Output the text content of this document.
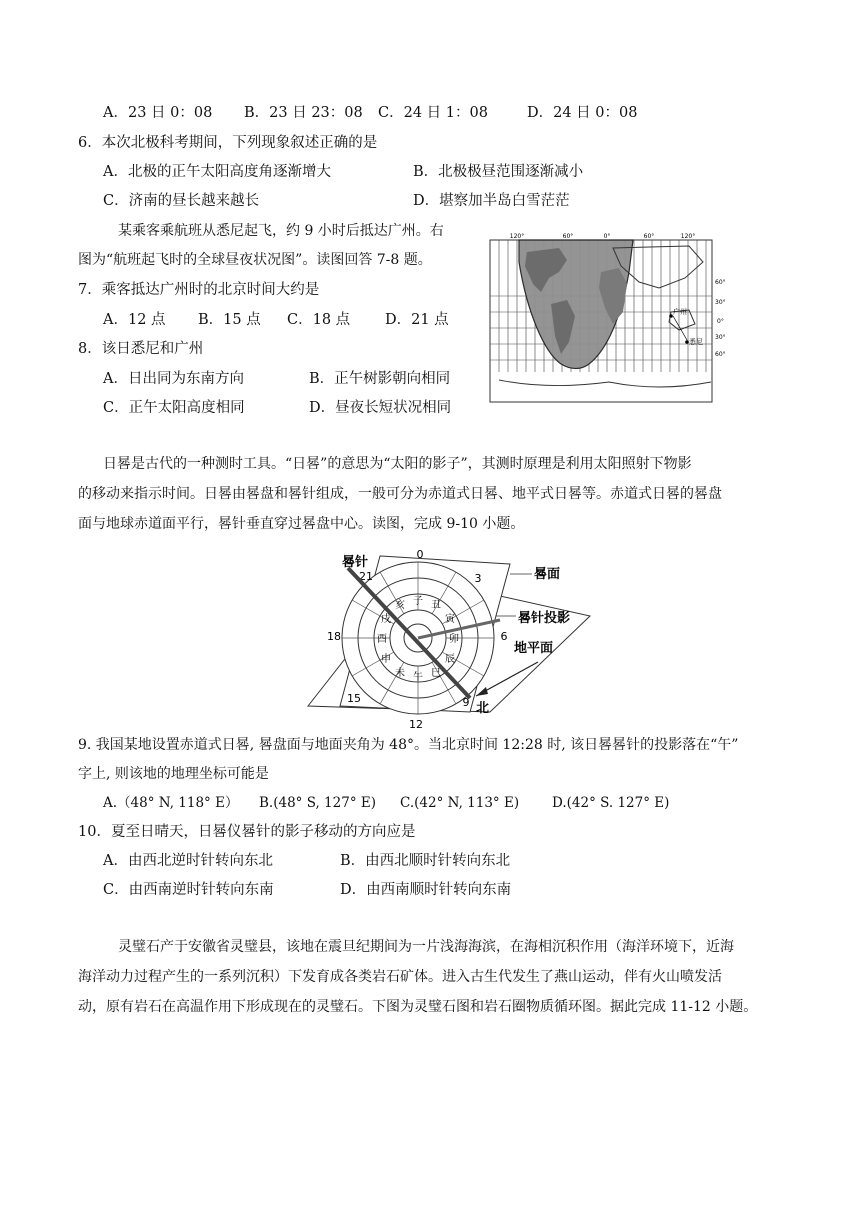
A．23 日 0：08 B．23 日 23：08 C．24 日 1：08	D．24 日 0：08
6．本次北极科考期间，下列现象叙述正确的是
A．北极的正午太阳高度角逐渐增大	B．北极极昼范围逐渐减小
C．济南的昼长越来越长	D．堪察加半岛白雪茫茫
某乘客乘航班从悉尼起飞，约 9 小时后抵达广州。右
图为“航班起飞时的全球昼夜状况图”。读图回答 7-8 题。
7．乘客抵达广州时的北京时间大约是
A．12 点 B．15 点 C．18 点 D．21 点
8．该日悉尼和广州
A．日出同为东南方向	B．正午树影朝向相同
C．正午太阳高度相同	D．昼夜长短状况相同
120°	60°	0°	60°	120°
60°
30°
0°
30°
60°
广州
悉尼
日晷是古代的一种测时工具。“日晷”的意思为“太阳的影子”，其测时原理是利用太阳照射下物影
的移动来指示时间。日晷由晷盘和晷针组成，一般可分为赤道式日晷、地平式日晷等。赤道式日晷的晷盘
面与地球赤道面平行，晷针垂直穿过晷盘中心。读图，完成 9-10 小题。
0
3
6
9
12
15
18
21
子 丑
寅
卯
辰
巳
午
未
申
酉
戌
亥
晷针
晷面
晷针投影
地平面
北
9. 我国某地设置赤道式日晷, 晷盘面与地面夹角为 48°。当北京时间 12:28 时, 该日晷晷针的投影落在“午”
字上, 则该地的地理坐标可能是
A.（48° N, 118° E） B.(48° S, 127° E) C.(42° N, 113° E) D.(42° S. 127° E)
10．夏至日晴天，日晷仪晷针的影子移动的方向应是
A．由西北逆时针转向东北	B．由西北顺时针转向东北
C．由西南逆时针转向东南	D．由西南顺时针转向东南
灵璧石产于安徽省灵璧县，该地在震旦纪期间为一片浅海海滨，在海相沉积作用（海洋环境下，近海
海洋动力过程产生的一系列沉积）下发育成各类岩石矿体。进入古生代发生了燕山运动，伴有火山喷发活
动，原有岩石在高温作用下形成现在的灵璧石。下图为灵璧石图和岩石圈物质循环图。据此完成 11-12 小题。
